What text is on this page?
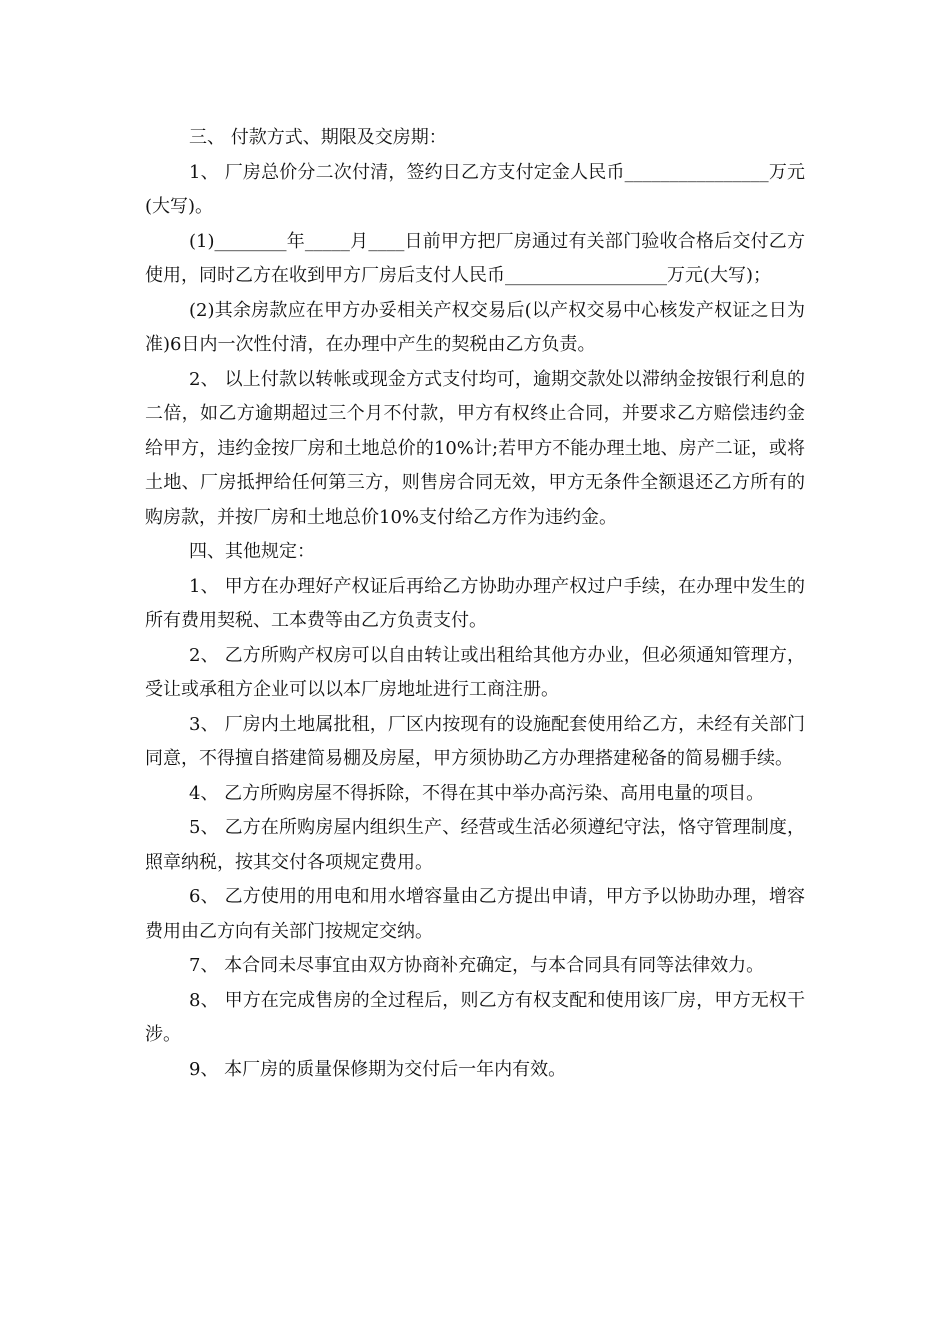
三、 付款方式、期限及交房期：

1、 厂房总价分二次付清，签约日乙方支付定金人民币________________万元(大写)。

(1)________年_____月____日前甲方把厂房通过有关部门验收合格后交付乙方使用，同时乙方在收到甲方厂房后支付人民币__________________万元(大写)；

(2)其余房款应在甲方办妥相关产权交易后(以产权交易中心核发产权证之日为准)6日内一次性付清，在办理中产生的契税由乙方负责。

2、 以上付款以转帐或现金方式支付均可，逾期交款处以滞纳金按银行利息的二倍，如乙方逾期超过三个月不付款，甲方有权终止合同，并要求乙方赔偿违约金给甲方，违约金按厂房和土地总价的10%计;若甲方不能办理土地、房产二证，或将土地、厂房抵押给任何第三方，则售房合同无效，甲方无条件全额退还乙方所有的购房款，并按厂房和土地总价10%支付给乙方作为违约金。

四、其他规定：

1、 甲方在办理好产权证后再给乙方协助办理产权过户手续，在办理中发生的所有费用契税、工本费等由乙方负责支付。

2、 乙方所购产权房可以自由转让或出租给其他方办业，但必须通知管理方，受让或承租方企业可以以本厂房地址进行工商注册。

3、 厂房内土地属批租，厂区内按现有的设施配套使用给乙方，未经有关部门同意，不得擅自搭建简易棚及房屋，甲方须协助乙方办理搭建秘备的简易棚手续。

4、 乙方所购房屋不得拆除，不得在其中举办高污染、高用电量的项目。

5、 乙方在所购房屋内组织生产、经营或生活必须遵纪守法，恪守管理制度，照章纳税，按其交付各项规定费用。

6、 乙方使用的用电和用水增容量由乙方提出申请，甲方予以协助办理，增容费用由乙方向有关部门按规定交纳。

7、 本合同未尽事宜由双方协商补充确定，与本合同具有同等法律效力。

8、 甲方在完成售房的全过程后，则乙方有权支配和使用该厂房，甲方无权干涉。

9、 本厂房的质量保修期为交付后一年内有效。
